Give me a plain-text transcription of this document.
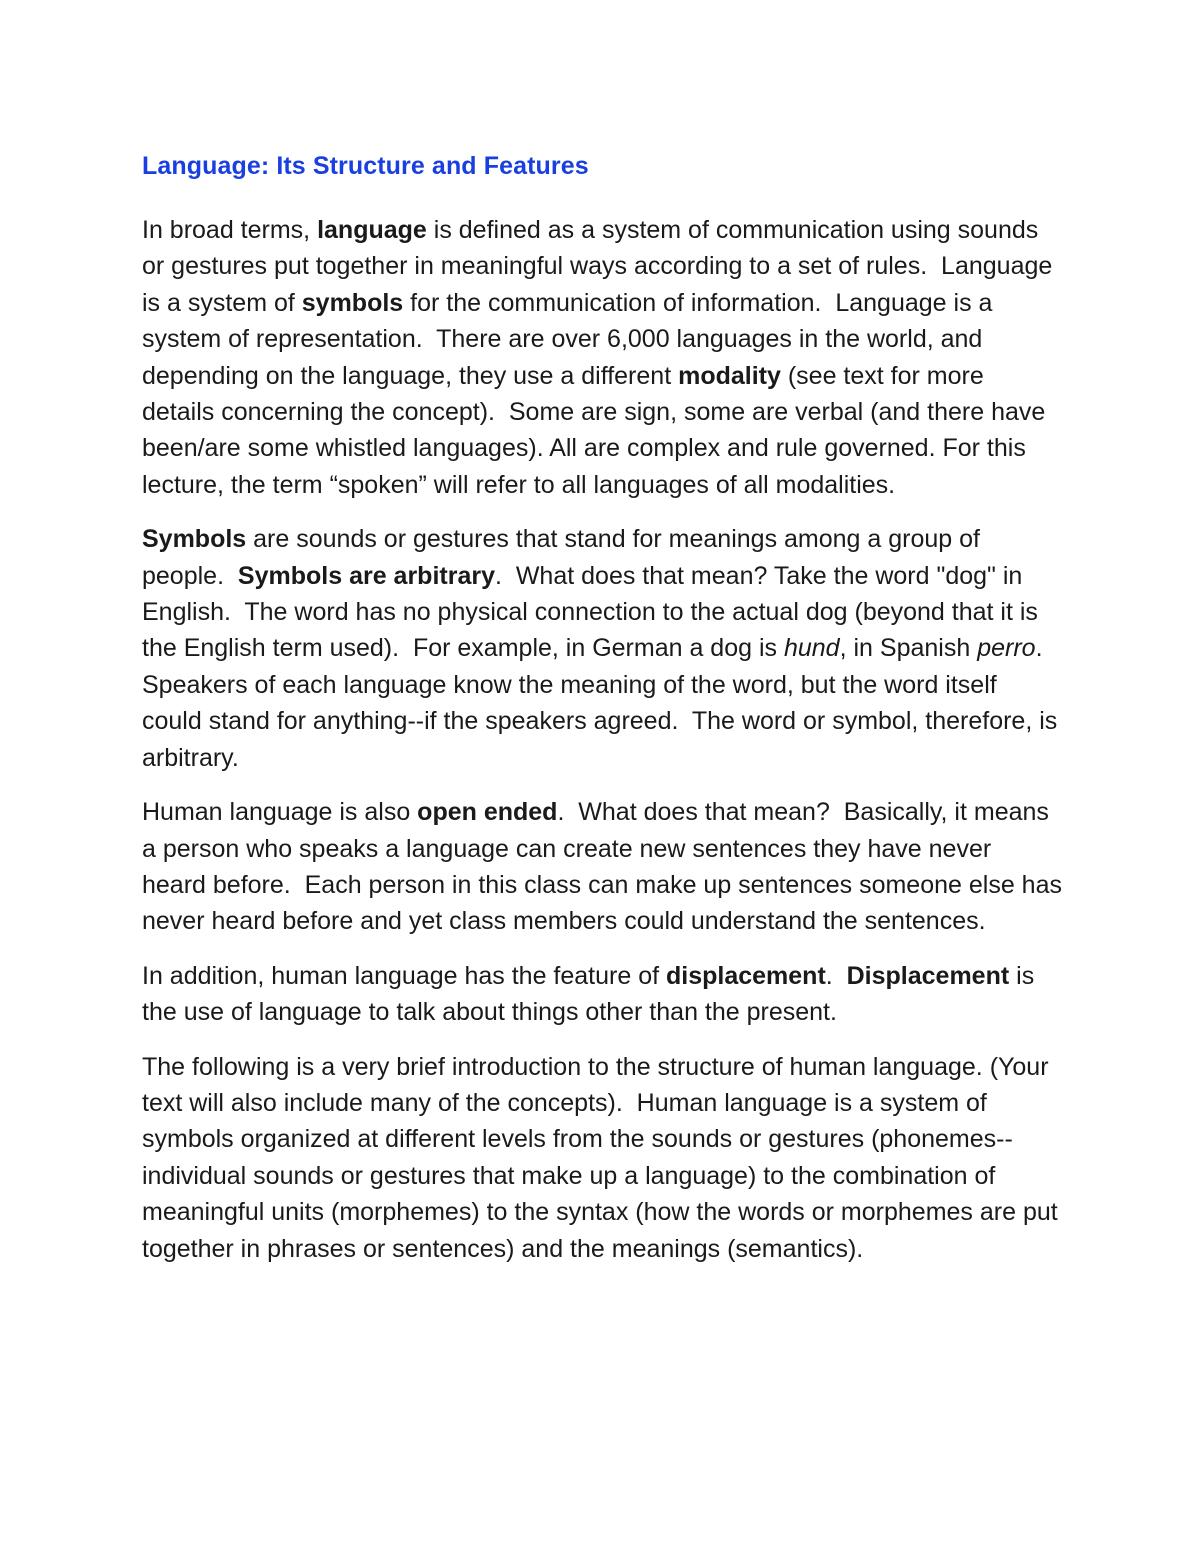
Language: Its Structure and Features

In broad terms, language is defined as a system of communication using sounds or gestures put together in meaningful ways according to a set of rules.  Language is a system of symbols for the communication of information.  Language is a system of representation.  There are over 6,000 languages in the world, and depending on the language, they use a different modality (see text for more details concerning the concept).  Some are sign, some are verbal (and there have been/are some whistled languages). All are complex and rule governed. For this lecture, the term “spoken” will refer to all languages of all modalities.

Symbols are sounds or gestures that stand for meanings among a group of people.  Symbols are arbitrary.  What does that mean? Take the word "dog" in English.  The word has no physical connection to the actual dog (beyond that it is the English term used).  For example, in German a dog is hund, in Spanish perro.  Speakers of each language know the meaning of the word, but the word itself could stand for anything--if the speakers agreed.  The word or symbol, therefore, is arbitrary.

Human language is also open ended.  What does that mean?  Basically, it means a person who speaks a language can create new sentences they have never heard before.  Each person in this class can make up sentences someone else has never heard before and yet class members could understand the sentences.

In addition, human language has the feature of displacement.  Displacement is the use of language to talk about things other than the present.

The following is a very brief introduction to the structure of human language. (Your text will also include many of the concepts).  Human language is a system of symbols organized at different levels from the sounds or gestures (phonemes--individual sounds or gestures that make up a language) to the combination of meaningful units (morphemes) to the syntax (how the words or morphemes are put together in phrases or sentences) and the meanings (semantics).
